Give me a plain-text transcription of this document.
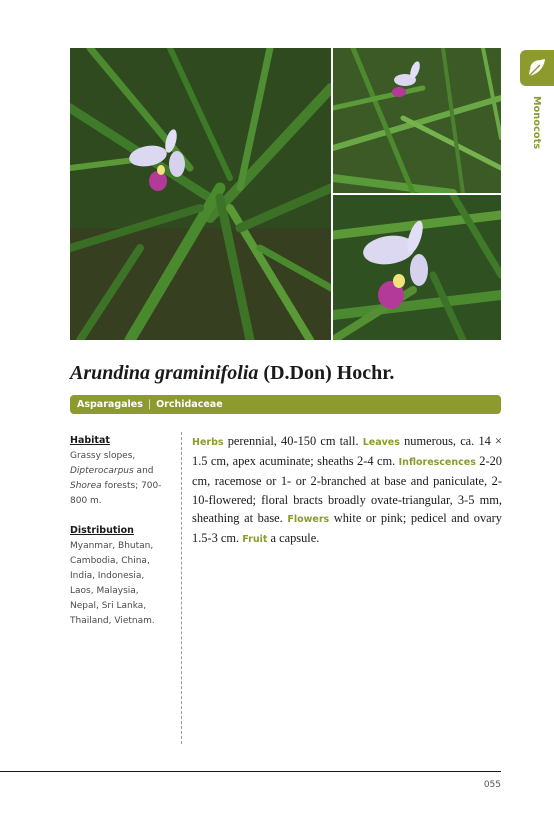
Monocots
Arundina graminifolia (D.Don) Hochr.
Asparagales | Orchidaceae
Habitat
Grassy slopes, Dipterocarpus and Shorea forests; 700-800 m.
Distribution
Myanmar, Bhutan, Cambodia, China, India, Indonesia, Laos, Malaysia, Nepal, Sri Lanka, Thailand, Vietnam.
Herbs perennial, 40-150 cm tall. Leaves numerous, ca. 14 × 1.5 cm, apex acuminate; sheaths 2-4 cm. Inflorescences 2-20 cm, racemose or 1- or 2-branched at base and paniculate, 2-10-flowered; floral bracts broadly ovate-triangular, 3-5 mm, sheathing at base. Flowers white or pink; pedicel and ovary 1.5-3 cm. Fruit a capsule.
055
